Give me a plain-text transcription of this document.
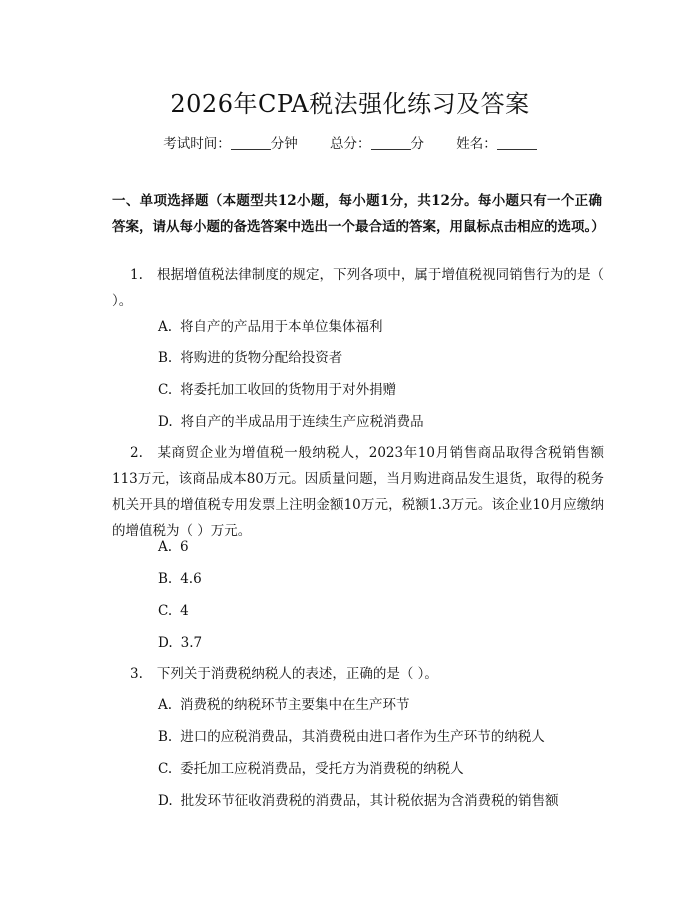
2026年CPA税法强化练习及答案
考试时间：	分钟 总分：	分 姓名：
一、单项选择题（本题型共12小题，每小题1分，共12分。每小题只有一个正确答案，请从每小题的备选答案中选出一个最合适的答案，用鼠标点击相应的选项。）
1. 根据增值税法律制度的规定，下列各项中，属于增值税视同销售行为的是（ ）。
A. 将自产的产品用于本单位集体福利
B. 将购进的货物分配给投资者
C. 将委托加工收回的货物用于对外捐赠
D. 将自产的半成品用于连续生产应税消费品
2. 某商贸企业为增值税一般纳税人，2023年10月销售商品取得含税销售额113万元，该商品成本80万元。因质量问题，当月购进商品发生退货，取得的税务机关开具的增值税专用发票上注明金额10万元，税额1.3万元。该企业10月应缴纳的增值税为（ ）万元。
A. 6
B. 4.6
C. 4
D. 3.7
3. 下列关于消费税纳税人的表述，正确的是（ ）。
A. 消费税的纳税环节主要集中在生产环节
B. 进口的应税消费品，其消费税由进口者作为生产环节的纳税人
C. 委托加工应税消费品，受托方为消费税的纳税人
D. 批发环节征收消费税的消费品，其计税依据为含消费税的销售额
